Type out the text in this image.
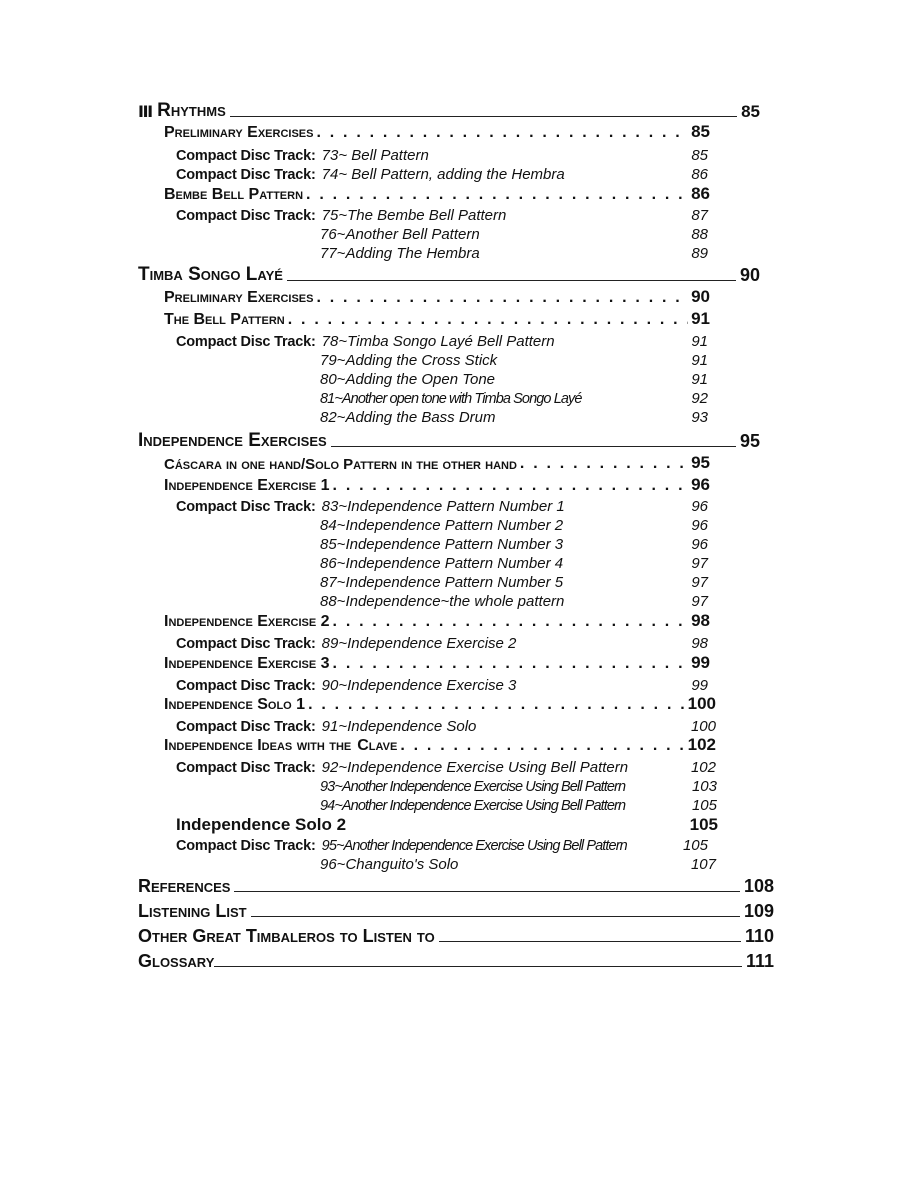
Ⅲ Rhythms	85
Preliminary Exercises . . .	85
Compact Disc Track: 73~ Bell Pattern	85
Compact Disc Track: 74~ Bell Pattern, adding the Hembra	86
Bembe Bell Pattern . . .	86
Compact Disc Track: 75~The Bembe Bell Pattern	87
76~Another Bell Pattern	88
77~Adding The Hembra	89
Timba Songo Layé	90
Preliminary Exercises . . .	90
The Bell Pattern . . .	91
Compact Disc Track: 78~Timba Songo Layé Bell Pattern	91
79~Adding the Cross Stick	91
80~Adding the Open Tone	91
81~Another open tone with Timba Songo Layé	92
82~Adding the Bass Drum	93
Independence Exercises	95
Cáscara in one hand/Solo Pattern in the other hand . . .	95
Independence Exercise 1 . . .	96
Compact Disc Track: 83~Independence Pattern Number 1	96
84~Independence Pattern Number 2	96
85~Independence Pattern Number 3	96
86~Independence Pattern Number 4	97
87~Independence Pattern Number 5	97
88~Independence~the whole pattern	97
Independence Exercise 2 . . .	98
Compact Disc Track: 89~Independence Exercise 2	98
Independence Exercise 3 . . .	99
Compact Disc Track: 90~Independence Exercise 3	99
Independence Solo 1 . . .	100
Compact Disc Track: 91~Independence Solo	100
Independence Ideas with the Clave . . .	102
Compact Disc Track: 92~Independence Exercise Using Bell Pattern	102
93~Another Independence Exercise Using Bell Pattern	103
94~Another Independence Exercise Using Bell Pattern	105
Independence Solo 2	105
Compact Disc Track: 95~Another Independence Exercise Using Bell Pattern	105
96~Changuito's Solo	107
References	108
Listening List	109
Other Great Timbaleros to Listen to	110
Glossary	111
